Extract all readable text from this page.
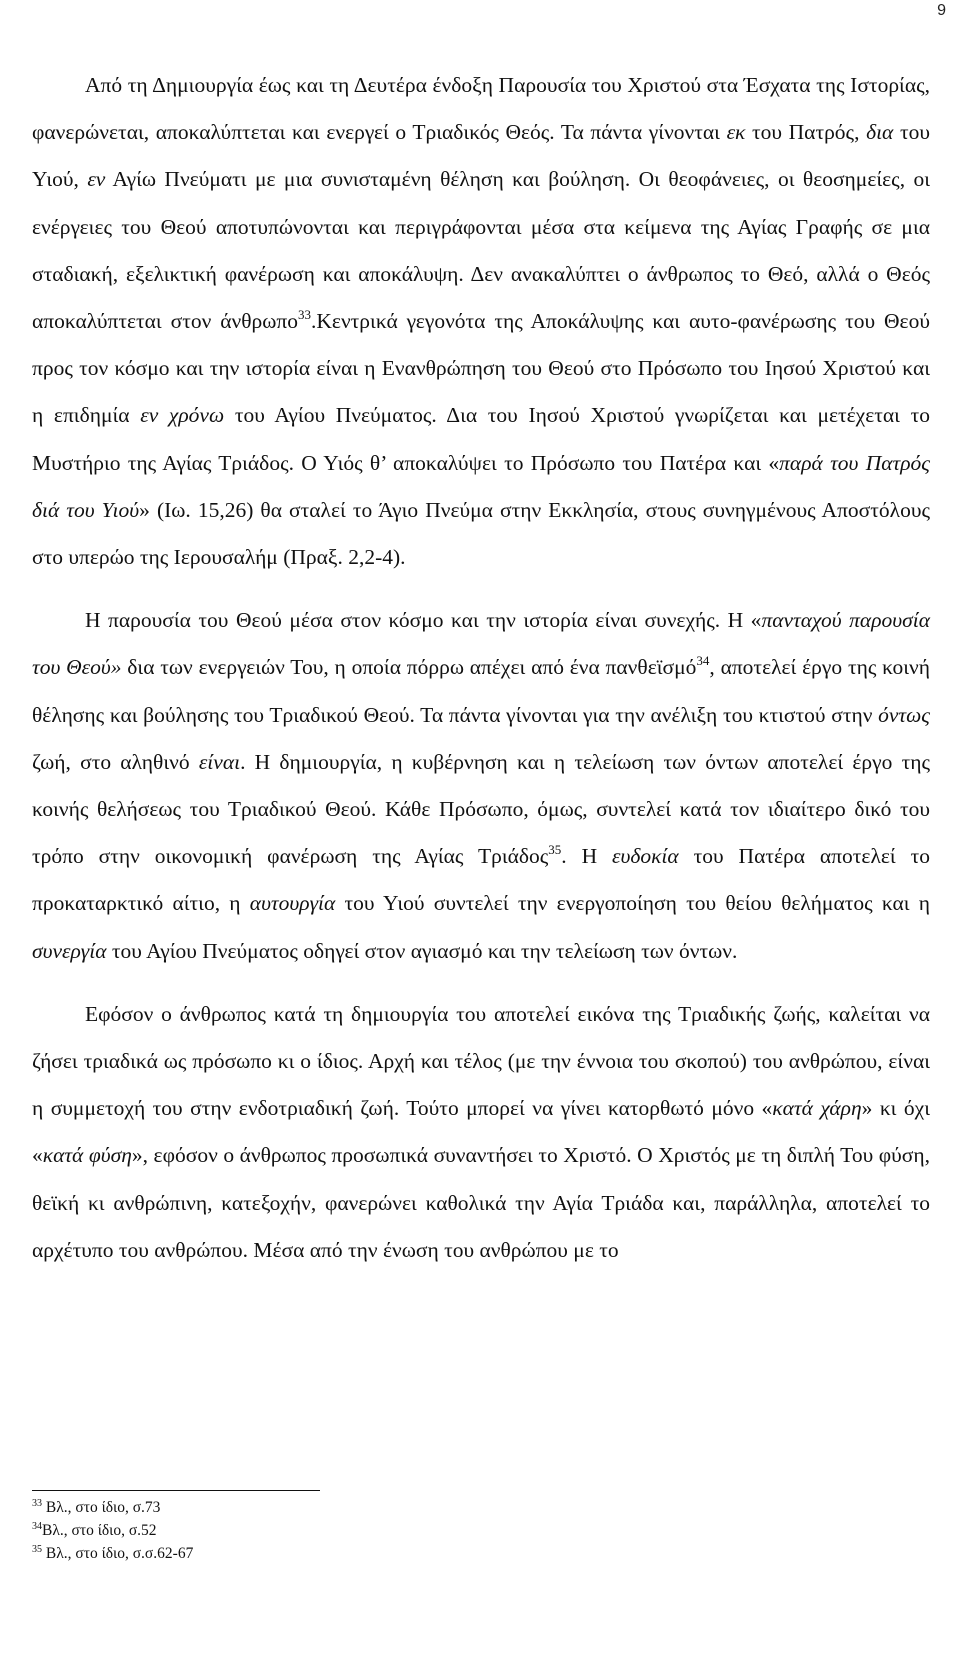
9

Από τη Δημιουργία έως και τη Δευτέρα ένδοξη Παρουσία του Χριστού στα Έσχατα της Ιστορίας, φανερώνεται, αποκαλύπτεται και ενεργεί ο Τριαδικός Θεός. Τα πάντα γίνονται εκ του Πατρός, δια του Υιού, εν Αγίω Πνεύματι με μια συνισταμένη θέληση και βούληση. Οι θεοφάνειες, οι θεοσημείες, οι ενέργειες του Θεού αποτυπώνονται και περιγράφονται μέσα στα κείμενα της Αγίας Γραφής σε μια σταδιακή, εξελικτική φανέρωση και αποκάλυψη. Δεν ανακαλύπτει ο άνθρωπος το Θεό, αλλά ο Θεός αποκαλύπτεται στον άνθρωπο$^{33}$.Κεντρικά γεγονότα της Αποκάλυψης και αυτο-φανέρωσης του Θεού προς τον κόσμο και την ιστορία είναι η Ενανθρώπηση του Θεού στο Πρόσωπο του Ιησού Χριστού και η επιδημία εν χρόνω του Αγίου Πνεύματος. Δια του Ιησού Χριστού γνωρίζεται και μετέχεται το Μυστήριο της Αγίας Τριάδος. Ο Υιός θ’ αποκαλύψει το Πρόσωπο του Πατέρα και «παρά του Πατρός διά του Υιού» (Ιω. 15,26) θα σταλεί το Άγιο Πνεύμα στην Εκκλησία, στους συνηγμένους Αποστόλους στο υπερώο της Ιερουσαλήμ (Πραξ. 2,2-4).

Η παρουσία του Θεού μέσα στον κόσμο και την ιστορία είναι συνεχής. Η «πανταχού παρουσία του Θεού» δια των ενεργειών Του, η οποία πόρρω απέχει από ένα πανθεϊσμό$^{34}$, αποτελεί έργο της κοινή θέλησης και βούλησης του Τριαδικού Θεού. Τα πάντα γίνονται για την ανέλιξη του κτιστού στην όντως ζωή, στο αληθινό είναι. Η δημιουργία, η κυβέρνηση και η τελείωση των όντων αποτελεί έργο της κοινής θελήσεως του Τριαδικού Θεού. Κάθε Πρόσωπο, όμως, συντελεί κατά τον ιδιαίτερο δικό του τρόπο στην οικονομική φανέρωση της Αγίας Τριάδος$^{35}$. Η ευδοκία του Πατέρα αποτελεί το προκαταρκτικό αίτιο, η αυτουργία του Υιού συντελεί την ενεργοποίηση του θείου θελήματος και η συνεργία του Αγίου Πνεύματος οδηγεί στον αγιασμό και την τελείωση των όντων.

Εφόσον ο άνθρωπος κατά τη δημιουργία του αποτελεί εικόνα της Τριαδικής ζωής, καλείται να ζήσει τριαδικά ως πρόσωπο κι ο ίδιος. Αρχή και τέλος (με την έννοια του σκοπού) του ανθρώπου, είναι η συμμετοχή του στην ενδοτριαδική ζωή. Τούτο μπορεί να γίνει κατορθωτό μόνο «κατά χάρη» κι όχι «κατά φύση», εφόσον ο άνθρωπος προσωπικά συναντήσει το Χριστό. Ο Χριστός με τη διπλή Του φύση, θεϊκή κι ανθρώπινη, κατεξοχήν, φανερώνει καθολικά την Αγία Τριάδα και, παράλληλα, αποτελεί το αρχέτυπο του ανθρώπου. Μέσα από την ένωση του ανθρώπου με το

$^{33}$ Βλ., στο ίδιο, σ.73
$^{34}$Βλ., στο ίδιο, σ.52
$^{35}$ Βλ., στο ίδιο, σ.σ.62-67
